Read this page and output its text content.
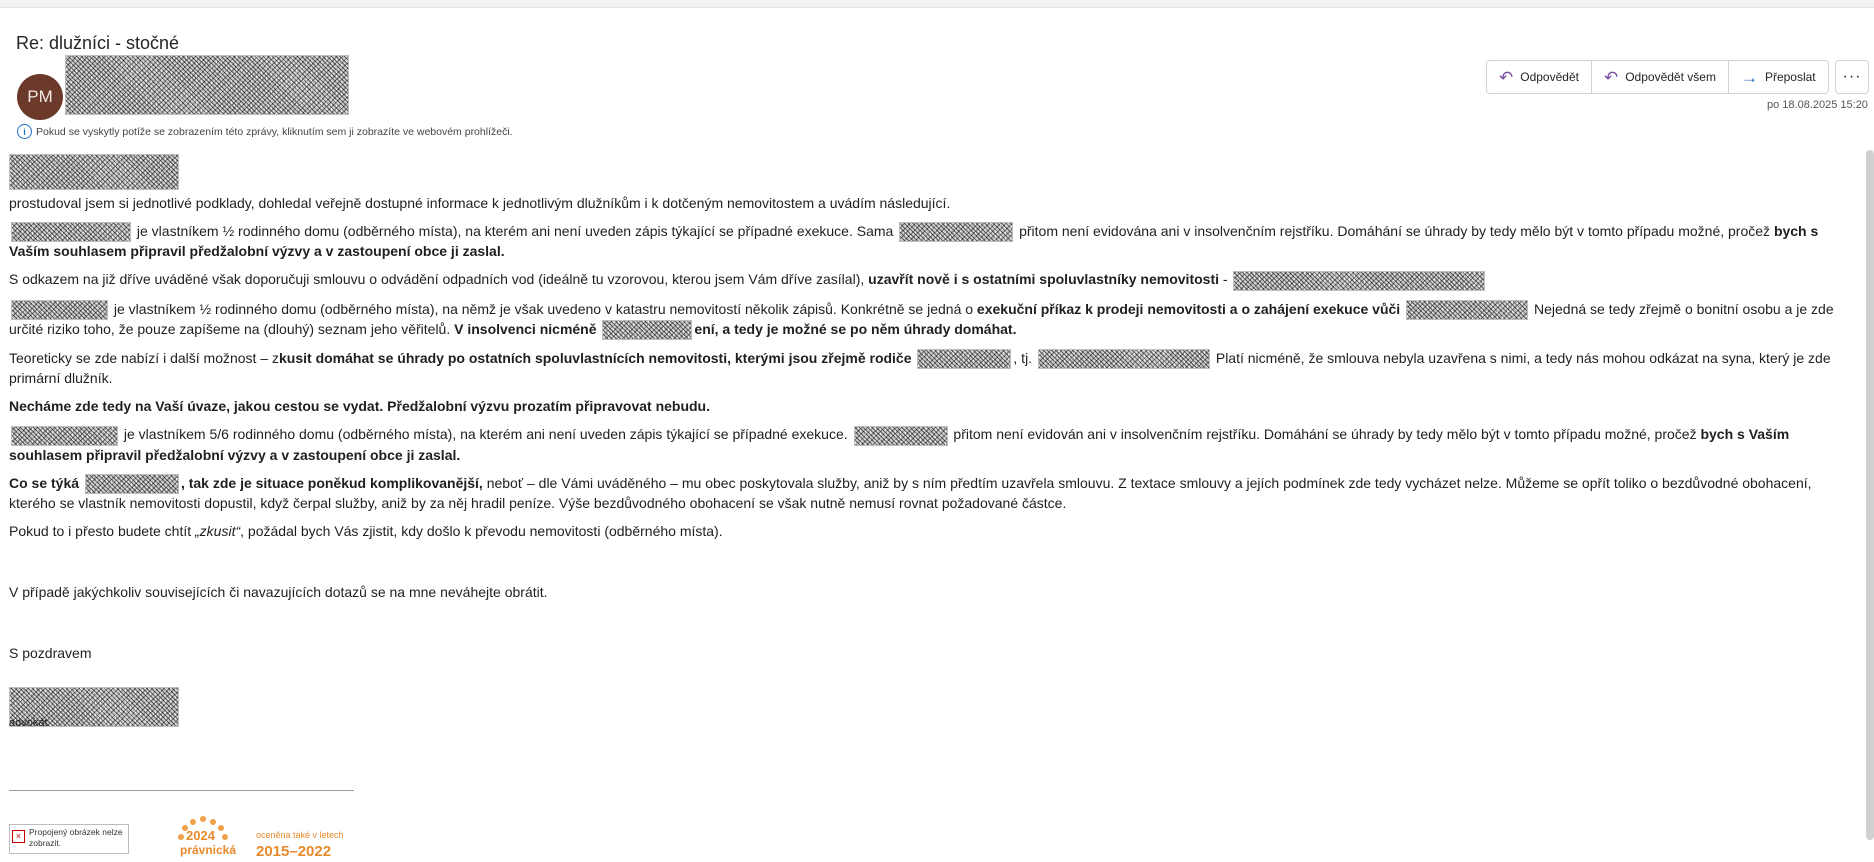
Re: dlužníci - stočné
PM
i Pokud se vyskytly potíže se zobrazením této zprávy, kliknutím sem ji zobrazíte ve webovém prohlížeči.
↶ Odpovědět ↶ Odpovědět všem → Přeposlat	···
po 18.08.2025 15:20

prostudoval jsem si jednotlivé podklady, dohledal veřejně dostupné informace k jednotlivým dlužníkům i k dotčeným nemovitostem a uvádím následující.

je vlastníkem ½ rodinného domu (odběrného místa), na kterém ani není uveden zápis týkající se případné exekuce. Sama	přitom není evidována ani v insolvenčním rejstříku. Domáhání se úhrady by tedy mělo být v tomto případu možné, pročež bych s Vaším souhlasem připravil předžalobní výzvy a v zastoupení obce ji zaslal.

S odkazem na již dříve uváděné však doporučuji smlouvu o odvádění odpadních vod (ideálně tu vzorovou, kterou jsem Vám dříve zasílal), uzavřít nově i s ostatními spoluvlastníky nemovitosti -

je vlastníkem ½ rodinného domu (odběrného místa), na němž je však uvedeno v katastru nemovitostí několik zápisů. Konkrétně se jedná o exekuční příkaz k prodeji nemovitosti a o zahájení exekuce vůči	Nejedná se tedy zřejmě o bonitní osobu a je zde určité riziko toho, že pouze zapíšeme na (dlouhý) seznam jeho věřitelů. V insolvenci nicméně	ení, a tedy je možné se po něm úhrady domáhat.

Teoreticky se zde nabízí i další možnost – zkusit domáhat se úhrady po ostatních spoluvlastnících nemovitosti, kterými jsou zřejmě rodiče	, tj.	Platí nicméně, že smlouva nebyla uzavřena s nimi, a tedy nás mohou odkázat na syna, který je zde primární dlužník.

Necháme zde tedy na Vaší úvaze, jakou cestou se vydat. Předžalobní výzvu prozatím připravovat nebudu.

je vlastníkem 5/6 rodinného domu (odběrného místa), na kterém ani není uveden zápis týkající se případné exekuce.	přitom není evidován ani v insolvenčním rejstříku. Domáhání se úhrady by tedy mělo být v tomto případu možné, pročež bych s Vaším souhlasem připravil předžalobní výzvy a v zastoupení obce ji zaslal.

Co se týká	, tak zde je situace poněkud komplikovanější, neboť – dle Vámi uváděného – mu obec poskytovala služby, aniž by s ním předtím uzavřela smlouvu. Z textace smlouvy a jejích podmínek zde tedy vycházet nelze. Můžeme se opřít toliko o bezdůvodné obohacení, kterého se vlastník nemovitosti dopustil, když čerpal služby, aniž by za něj hradil peníze. Výše bezdůvodného obohacení se však nutně nemusí rovnat požadované částce.

Pokud to i přesto budete chtít „zkusit“, požádal bych Vás zjistit, kdy došlo k převodu nemovitosti (odběrného místa).

V případě jakýchkoliv souvisejících či navazujících dotazů se na mne neváhejte obrátit.

S pozdravem

advokát
× Propojený obrázek nelze zobrazit.	2024
právnická
oceněna také v letech
2015–2022
